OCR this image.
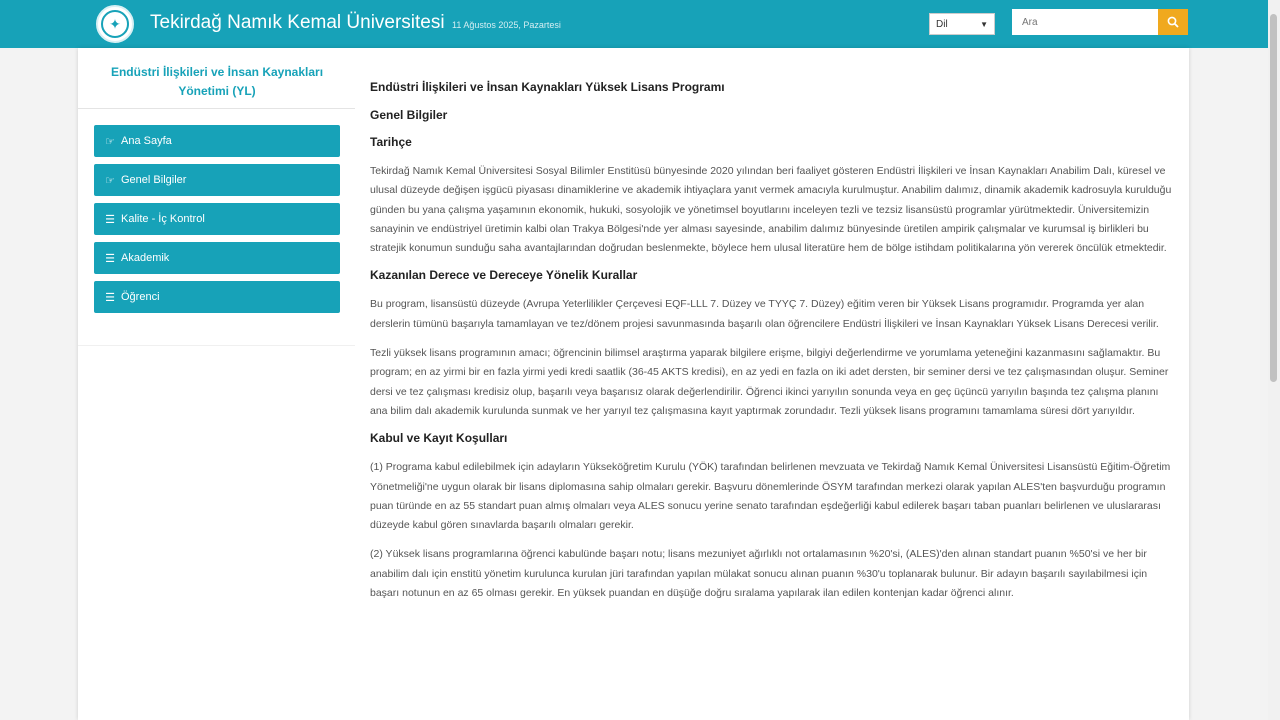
✦	Tekirdağ Namık Kemal Üniversitesi 11 Ağustos 2025, Pazartesi	Dil	▼
Ara
Endüstri İlişkileri ve İnsan Kaynakları Yönetimi (YL)
☞ Ana Sayfa
☞ Genel Bilgiler
☰ Kalite - İç Kontrol
☰ Akademik
☰ Öğrenci
Endüstri İlişkileri ve İnsan Kaynakları Yüksek Lisans Programı
Genel Bilgiler
Tarihçe

Tekirdağ Namık Kemal Üniversitesi Sosyal Bilimler Enstitüsü bünyesinde 2020 yılından beri faaliyet gösteren Endüstri İlişkileri ve İnsan Kaynakları Anabilim Dalı, küresel ve ulusal düzeyde değişen işgücü piyasası dinamiklerine ve akademik ihtiyaçlara yanıt vermek amacıyla kurulmuştur. Anabilim dalımız, dinamik akademik kadrosuyla kurulduğu günden bu yana çalışma yaşamının ekonomik, hukuki, sosyolojik ve yönetimsel boyutlarını inceleyen tezli ve tezsiz lisansüstü programlar yürütmektedir. Üniversitemizin sanayinin ve endüstriyel üretimin kalbi olan Trakya Bölgesi'nde yer alması sayesinde, anabilim dalımız bünyesinde üretilen ampirik çalışmalar ve kurumsal iş birlikleri bu stratejik konumun sunduğu saha avantajlarından doğrudan beslenmekte, böylece hem ulusal literatüre hem de bölge istihdam politikalarına yön vererek öncülük etmektedir.

Kazanılan Derece ve Dereceye Yönelik Kurallar

Bu program, lisansüstü düzeyde (Avrupa Yeterlilikler Çerçevesi EQF-LLL 7. Düzey ve TYYÇ 7. Düzey) eğitim veren bir Yüksek Lisans programıdır. Programda yer alan derslerin tümünü başarıyla tamamlayan ve tez/dönem projesi savunmasında başarılı olan öğrencilere Endüstri İlişkileri ve İnsan Kaynakları Yüksek Lisans Derecesi verilir.

Tezli yüksek lisans programının amacı; öğrencinin bilimsel araştırma yaparak bilgilere erişme, bilgiyi değerlendirme ve yorumlama yeteneğini kazanmasını sağlamaktır. Bu program; en az yirmi bir en fazla yirmi yedi kredi saatlik (36-45 AKTS kredisi), en az yedi en fazla on iki adet dersten, bir seminer dersi ve tez çalışmasından oluşur. Seminer dersi ve tez çalışması kredisiz olup, başarılı veya başarısız olarak değerlendirilir. Öğrenci ikinci yarıyılın sonunda veya en geç üçüncü yarıyılın başında tez çalışma planını ana bilim dalı akademik kurulunda sunmak ve her yarıyıl tez çalışmasına kayıt yaptırmak zorundadır. Tezli yüksek lisans programını tamamlama süresi dört yarıyıldır.

Kabul ve Kayıt Koşulları

(1) Programa kabul edilebilmek için adayların Yükseköğretim Kurulu (YÖK) tarafından belirlenen mevzuata ve Tekirdağ Namık Kemal Üniversitesi Lisansüstü Eğitim-Öğretim Yönetmeliği'ne uygun olarak bir lisans diplomasına sahip olmaları gerekir. Başvuru dönemlerinde ÖSYM tarafından merkezi olarak yapılan ALES'ten başvurduğu programın puan türünde en az 55 standart puan almış olmaları veya ALES sonucu yerine senato tarafından eşdeğerliği kabul edilerek başarı taban puanları belirlenen ve uluslararası düzeyde kabul gören sınavlarda başarılı olmaları gerekir.

(2) Yüksek lisans programlarına öğrenci kabulünde başarı notu; lisans mezuniyet ağırlıklı not ortalamasının %20'si, (ALES)'den alınan standart puanın %50'si ve her bir anabilim dalı için enstitü yönetim kurulunca kurulan jüri tarafından yapılan mülakat sonucu alınan puanın %30'u toplanarak bulunur. Bir adayın başarılı sayılabilmesi için başarı notunun en az 65 olması gerekir. En yüksek puandan en düşüğe doğru sıralama yapılarak ilan edilen kontenjan kadar öğrenci alınır.
